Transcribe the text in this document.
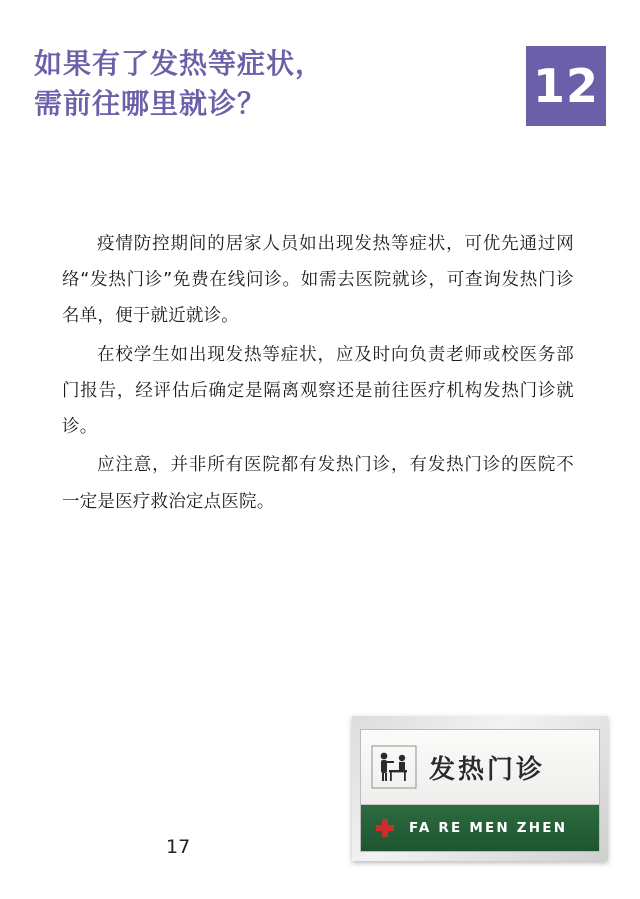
如果有了发热等症状，
需前往哪里就诊？	12

疫情防控期间的居家人员如出现发热等症状，可优先通过网络“发热门诊”免费在线问诊。如需去医院就诊，可查询发热门诊名单，便于就近就诊。

在校学生如出现发热等症状，应及时向负责老师或校医务部门报告，经评估后确定是隔离观察还是前往医疗机构发热门诊就诊。

应注意，并非所有医院都有发热门诊，有发热门诊的医院不一定是医疗救治定点医院。

发热门诊
FA RE MEN ZHEN
17
